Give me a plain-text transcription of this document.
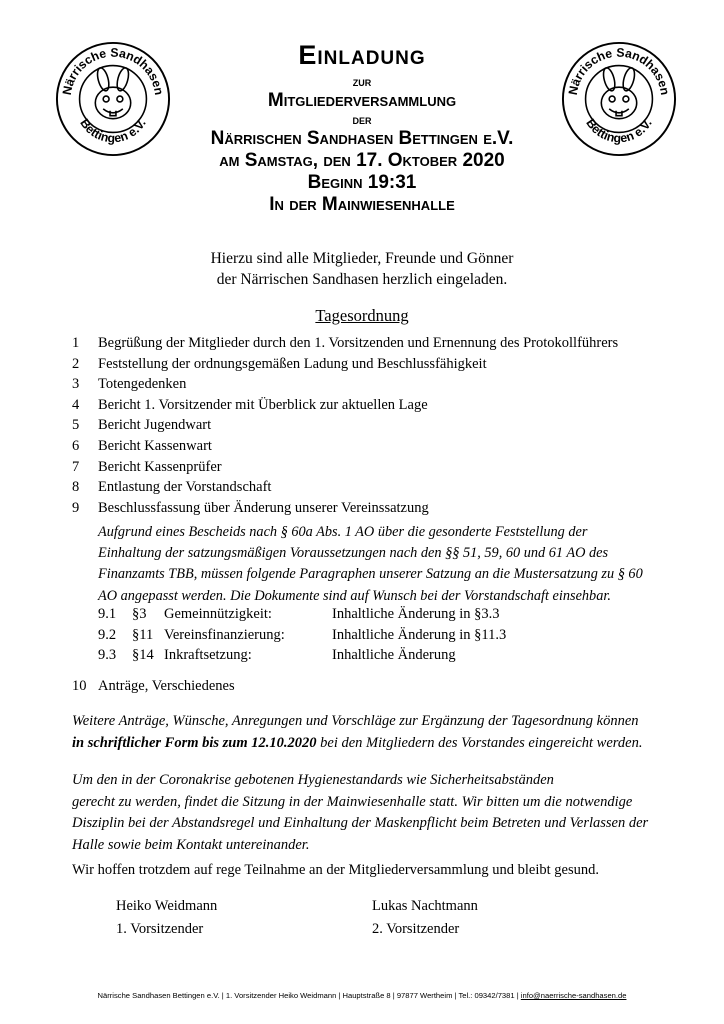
Närrische Sandhasen
Bettingen e.V.
Närrische Sandhasen
Bettingen e.V.
Einladung
zur
Mitgliederversammlung
der
Närrischen Sandhasen Bettingen e.V.
am Samstag, den 17. Oktober 2020
Beginn 19:31
In der Mainwiesenhalle
Hierzu sind alle Mitglieder, Freunde und Gönner
der Närrischen Sandhasen herzlich eingeladen.
Tagesordnung
1 Begrüßung der Mitglieder durch den 1. Vorsitzenden und Ernennung des Protokollführers
2 Feststellung der ordnungsgemäßen Ladung und Beschlussfähigkeit
3 Totengedenken
4 Bericht 1. Vorsitzender mit Überblick zur aktuellen Lage
5 Bericht Jugendwart
6 Bericht Kassenwart
7 Bericht Kassenprüfer
8 Entlastung der Vorstandschaft
9 Beschlussfassung über Änderung unserer Vereinssatzung
Aufgrund eines Bescheids nach § 60a Abs. 1 AO über die gesonderte Feststellung der
Einhaltung der satzungsmäßigen Voraussetzungen nach den §§ 51, 59, 60 und 61 AO des
Finanzamts TBB, müssen folgende Paragraphen unserer Satzung an die Mustersatzung zu § 60
AO angepasst werden. Die Dokumente sind auf Wunsch bei der Vorstandschaft einsehbar.
9.1 §3 Gemeinnützigkeit:	Inhaltliche Änderung in §3.3
9.2 §11 Vereinsfinanzierung:	Inhaltliche Änderung in §11.3
9.3 §14 Inkraftsetzung:	Inhaltliche Änderung
10 Anträge, Verschiedenes
Weitere Anträge, Wünsche, Anregungen und Vorschläge zur Ergänzung der Tagesordnung können
in schriftlicher Form bis zum 12.10.2020 bei den Mitgliedern des Vorstandes eingereicht werden.
Um den in der Coronakrise gebotenen Hygienestandards wie Sicherheitsabständen
gerecht zu werden, findet die Sitzung in der Mainwiesenhalle statt. Wir bitten um die notwendige
Disziplin bei der Abstandsregel und Einhaltung der Maskenpflicht beim Betreten und Verlassen der
Halle sowie beim Kontakt untereinander.
Wir hoffen trotzdem auf rege Teilnahme an der Mitgliederversammlung und bleibt gesund.
Heiko Weidmann
1. Vorsitzender
Lukas Nachtmann
2. Vorsitzender
Närrische Sandhasen Bettingen e.V. | 1. Vorsitzender Heiko Weidmann | Hauptstraße 8 | 97877 Wertheim | Tel.: 09342/7381 | info@naerrische-sandhasen.de
